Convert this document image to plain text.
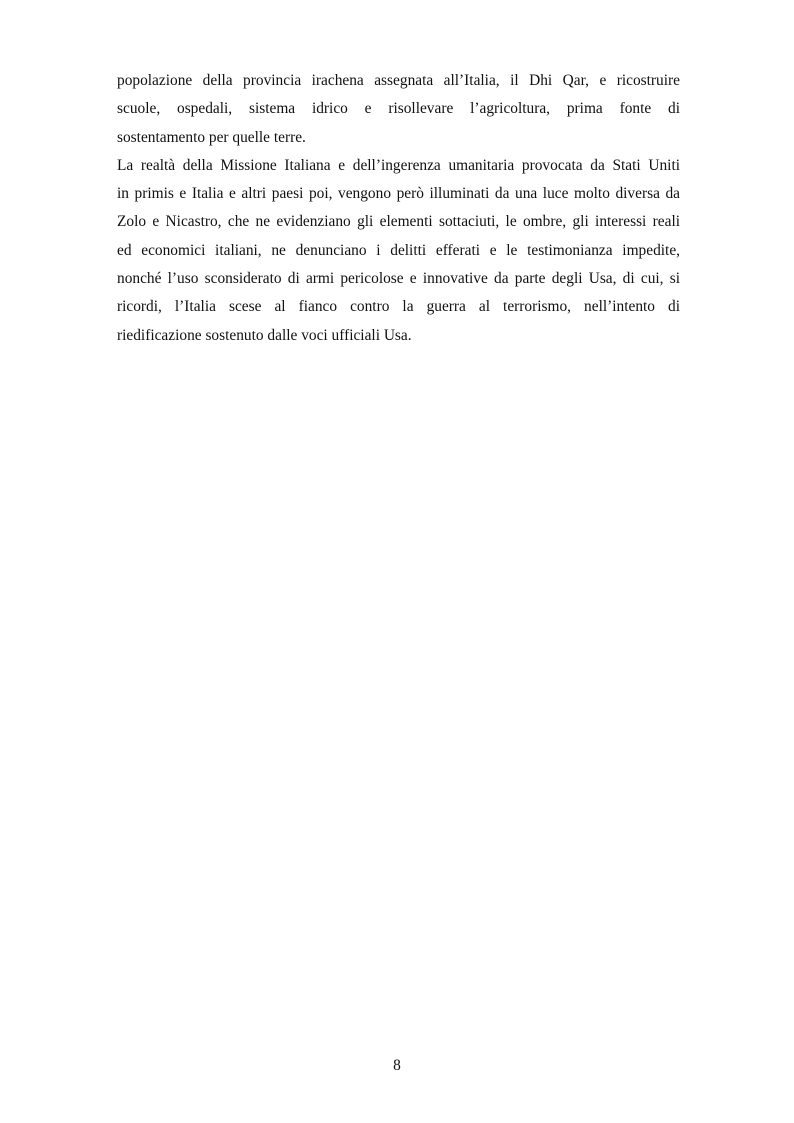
popolazione della provincia irachena assegnata all’Italia, il Dhi Qar, e ricostruire
scuole, ospedali, sistema idrico e risollevare l’agricoltura, prima fonte di
sostentamento per quelle terre.
La realtà della Missione Italiana e dell’ingerenza umanitaria provocata da Stati Uniti
in primis e Italia e altri paesi poi, vengono però illuminati da una luce molto diversa da
Zolo e Nicastro, che ne evidenziano gli elementi sottaciuti, le ombre, gli interessi reali
ed economici italiani, ne denunciano i delitti efferati e le testimonianza impedite,
nonché l’uso sconsiderato di armi pericolose e innovative da parte degli Usa, di cui, si
ricordi, l’Italia scese al fianco contro la guerra al terrorismo, nell’intento di
riedificazione sostenuto dalle voci ufficiali Usa.
8
